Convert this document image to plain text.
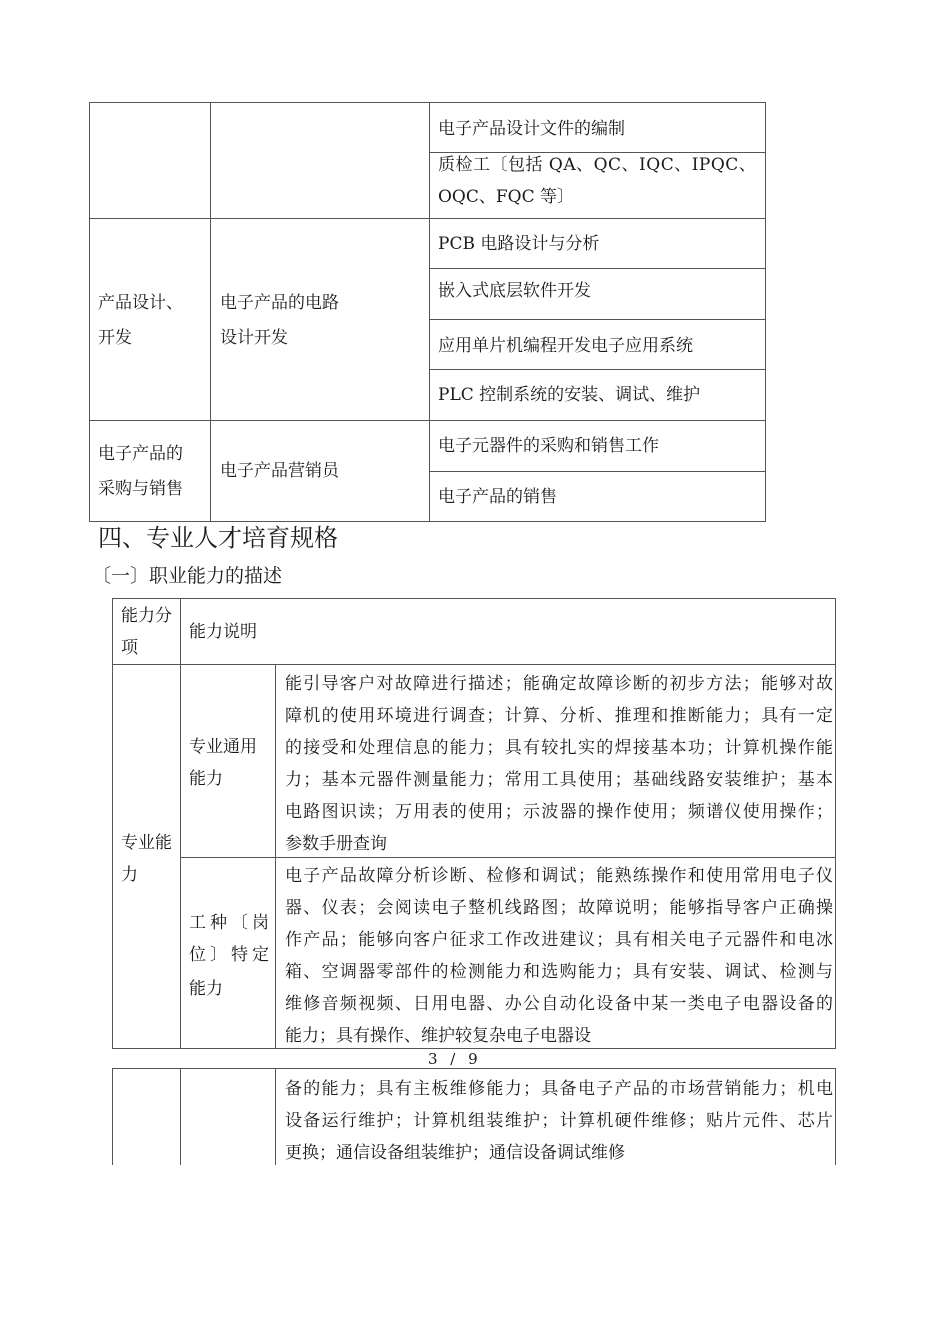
电子产品设计文件的编制
质检工〔包括 QA、QC、IQC、IPQC、
OQC、FQC 等〕
产品设计、
开发
电子产品的电路
设计开发
PCB 电路设计与分析
嵌入式底层软件开发
应用单片机编程开发电子应用系统
PLC 控制系统的安装、调试、维护
电子产品的
采购与销售
电子产品营销员
电子元器件的采购和销售工作
电子产品的销售
四、专业人才培育规格
〔一〕职业能力的描述
能力分
项
能力说明
专业能
力
专业通用
能力
能引导客户对故障进行描述；能确定故障诊断的初步方法；能够对故
障机的使用环境进行调查；计算、分析、推理和推断能力；具有一定
的接受和处理信息的能力；具有较扎实的焊接基本功；计算机操作能
力；基本元器件测量能力；常用工具使用；基础线路安装维护；基本
电路图识读；万用表的使用；示波器的操作使用；频谱仪使用操作；
参数手册查询
工种〔岗
位〕特定
能力
电子产品故障分析诊断、检修和调试；能熟练操作和使用常用电子仪
器、仪表；会阅读电子整机线路图；故障说明；能够指导客户正确操
作产品；能够向客户征求工作改进建议；具有相关电子元器件和电冰
箱、空调器零部件的检测能力和选购能力；具有安装、调试、检测与
维修音频视频、日用电器、办公自动化设备中某一类电子电器设备的
能力；具有操作、维护较复杂电子电器设
3 / 9
备的能力；具有主板维修能力；具备电子产品的市场营销能力；机电
设备运行维护；计算机组装维护；计算机硬件维修；贴片元件、芯片
更换；通信设备组装维护；通信设备调试维修
